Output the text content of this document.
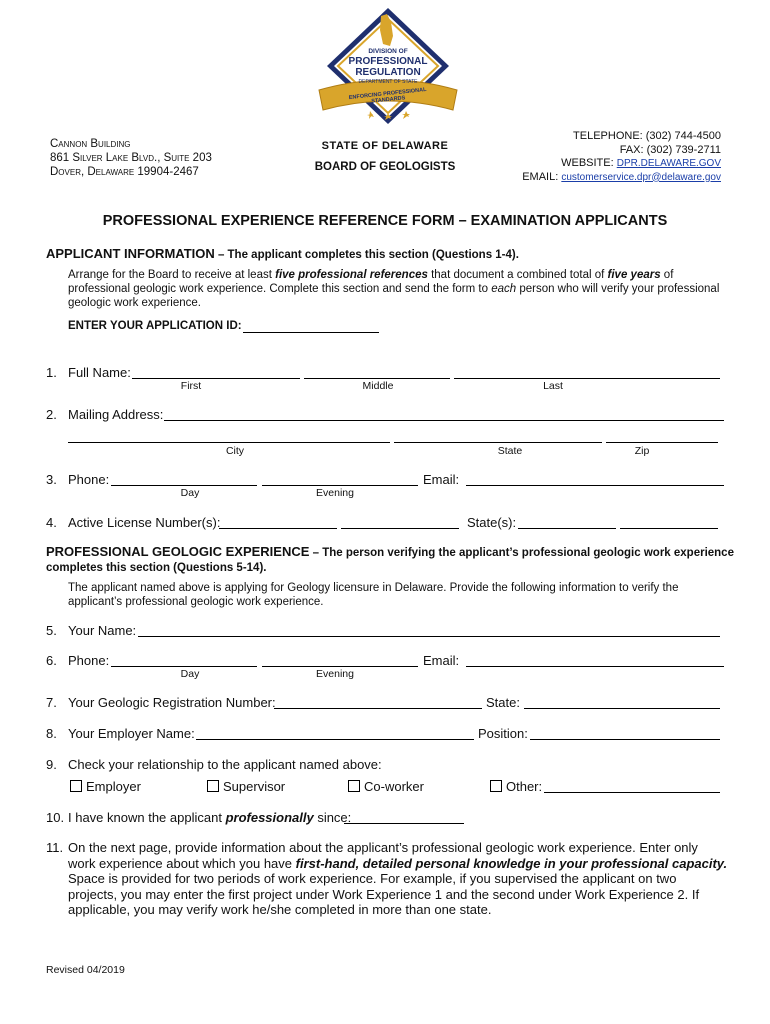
DIVISION OF
PROFESSIONAL
REGULATION
DEPARTMENT OF STATE
ENFORCING PROFESSIONAL STANDARDS
Cannon Building
861 Silver Lake Blvd., Suite 203
Dover, Delaware 19904-2467
STATE OF DELAWARE
BOARD OF GEOLOGISTS
TELEPHONE: (302) 744-4500
FAX: (302) 739-2711
WEBSITE: DPR.DELAWARE.GOV
EMAIL: customerservice.dpr@delaware.gov
PROFESSIONAL EXPERIENCE REFERENCE FORM – EXAMINATION APPLICANTS
APPLICANT INFORMATION – The applicant completes this section (Questions 1-4).
Arrange for the Board to receive at least five professional references that document a combined total of five years of professional geologic work experience. Complete this section and send the form to each person who will verify your professional geologic work experience.
ENTER YOUR APPLICATION ID:
1. Full Name:
First	Middle	Last
2. Mailing Address:
City	State	Zip
3. Phone:	Email:
Day	Evening
4. Active License Number(s):	State(s):
PROFESSIONAL GEOLOGIC EXPERIENCE – The person verifying the applicant’s professional geologic work experience completes this section (Questions 5-14).
The applicant named above is applying for Geology licensure in Delaware. Provide the following information to verify the applicant’s professional geologic work experience.
5. Your Name:
6. Phone:	Email:
Day	Evening
7. Your Geologic Registration Number:	State:
8. Your Employer Name:	Position:
9. Check your relationship to the applicant named above:
Employer	Supervisor	Co-worker	Other:
10. I have known the applicant professionally since:
11. On the next page, provide information about the applicant’s professional geologic work experience. Enter only work experience about which you have first-hand, detailed personal knowledge in your professional capacity. Space is provided for two periods of work experience. For example, if you supervised the applicant on two projects, you may enter the first project under Work Experience 1 and the second under Work Experience 2. If applicable, you may verify work he/she completed in more than one state.
Revised 04/2019
